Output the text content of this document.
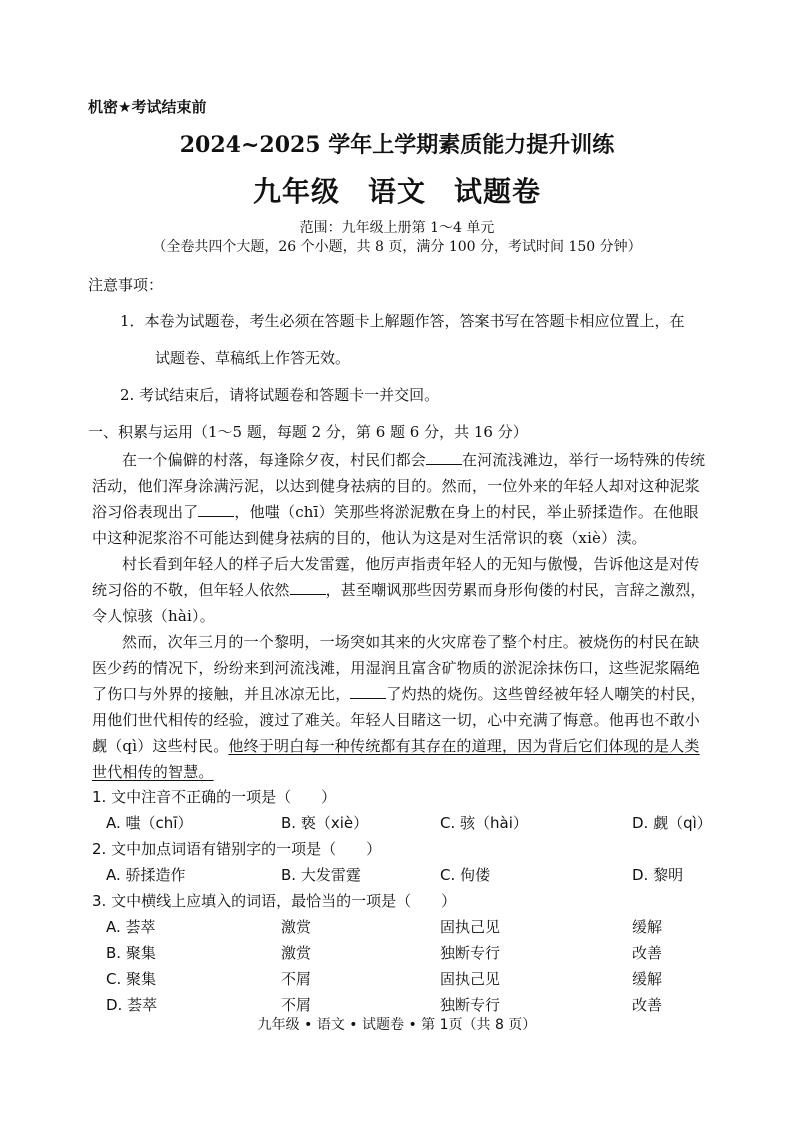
机密★考试结束前
2024~2025 学年上学期素质能力提升训练
九年级 语文 试题卷
范围：九年级上册第 1～4 单元
（全卷共四个大题，26 个小题，共 8 页，满分 100 分，考试时间 150 分钟）
注意事项：
1．本卷为试题卷，考生必须在答题卡上解题作答，答案书写在答题卡相应位置上，在
试题卷、草稿纸上作答无效。
2. 考试结束后，请将试题卷和答题卡一并交回。
一、积累与运用（1～5 题，每题 2 分，第 6 题 6 分，共 16 分）
在一个偏僻的村落，每逢除夕夜，村民们都会 在河流浅滩边，举行一场特殊的传统
活动，他们浑身涂满污泥，以达到健身祛病的目的。然而，一位外来的年轻人却对这种泥浆
浴习俗表现出了 ，他嗤（chī）笑那些将淤泥敷在身上的村民，举止骄揉造作。在他眼
中这种泥浆浴不可能达到健身祛病的目的，他认为这是对生活常识的亵（xiè）渎。
村长看到年轻人的样子后大发雷霆，他厉声指责年轻人的无知与傲慢，告诉他这是对传
统习俗的不敬，但年轻人依然 ，甚至嘲讽那些因劳累而身形佝偻的村民，言辞之激烈，
令人惊骇（hài）。
然而，次年三月的一个黎明，一场突如其来的火灾席卷了整个村庄。被烧伤的村民在缺
医少药的情况下，纷纷来到河流浅滩，用湿润且富含矿物质的淤泥涂抹伤口，这些泥浆隔绝
了伤口与外界的接触，并且冰凉无比， 了灼热的烧伤。这些曾经被年轻人嘲笑的村民，
用他们世代相传的经验，渡过了难关。年轻人目睹这一切，心中充满了悔意。他再也不敢小
觑（qì）这些村民。他终于明白每一种传统都有其存在的道理，因为背后它们体现的是人类
世代相传的智慧。
1. 文中注音不正确的一项是（　　）
A. 嗤（chī）	B. 亵（xiè）	C. 骇（hài）	D. 觑（qì）
2. 文中加点词语有错别字的一项是（　　）
A. 骄揉造作	B. 大发雷霆	C. 佝偻	D. 黎明
3. 文中横线上应填入的词语，最恰当的一项是（　　）
A. 荟萃	激赏	固执己见	缓解
B. 聚集	激赏	独断专行	改善
C. 聚集	不屑	固执己见	缓解
D. 荟萃	不屑	独断专行	改善
九年级 • 语文 • 试题卷 • 第 1页（共 8 页）
